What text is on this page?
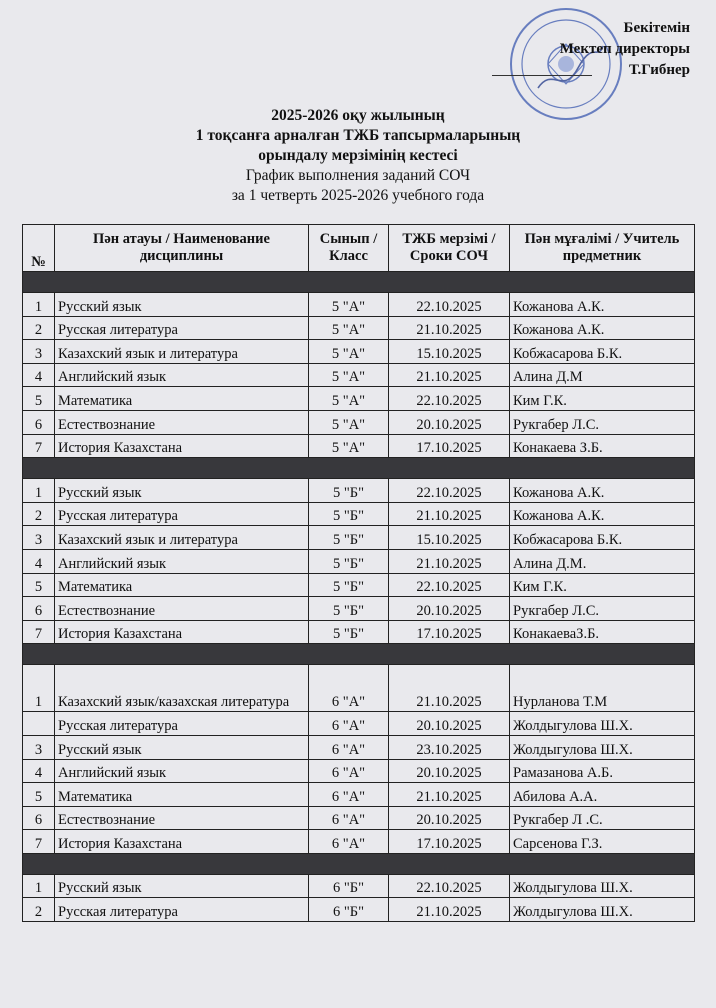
Бекітемін
Мектеп директоры
Т.Гибнер
2025-2026 оқу жылының
1 тоқсанға арналған ТЖБ тапсырмаларының
орындалу мерзімінің кестесі
График выполнения заданий СОЧ
за 1 четверть 2025-2026 учебного года
№	Пән атауы / Наименование дисциплины	Сынып / Класс	ТЖБ мерзімі / Сроки СОЧ	Пән мұғалімі / Учитель предметник

1	Русский язык	5 "А"	22.10.2025	Кожанова А.К.
2	Русская литература	5 "А"	21.10.2025	Кожанова А.К.
3	Казахский язык и литература	5 "А"	15.10.2025	Кобжасарова Б.К.
4	Английский язык	5 "А"	21.10.2025	Алина Д.М
5	Математика	5 "А"	22.10.2025	Ким Г.К.
6	Естествознание	5 "А"	20.10.2025	Рукгабер Л.С.
7	История Казахстана	5 "А"	17.10.2025	Конакаева З.Б.

1	Русский язык	5 "Б"	22.10.2025	Кожанова А.К.
2	Русская литература	5 "Б"	21.10.2025	Кожанова А.К.
3	Казахский язык и литература	5 "Б"	15.10.2025	Кобжасарова Б.К.
4	Английский язык	5 "Б"	21.10.2025	Алина Д.М.
5	Математика	5 "Б"	22.10.2025	Ким Г.К.
6	Естествознание	5 "Б"	20.10.2025	Рукгабер Л.С.
7	История Казахстана	5 "Б"	17.10.2025	КонакаеваЗ.Б.

1	Казахский язык/казахская литература	6 "А"	21.10.2025	Нурланова Т.М
	Русская литература	6 "А"	20.10.2025	Жолдыгулова Ш.Х.
3	Русский язык	6 "А"	23.10.2025	Жолдыгулова Ш.Х.
4	Английский язык	6 "А"	20.10.2025	Рамазанова А.Б.
5	Математика	6 "А"	21.10.2025	Абилова А.А.
6	Естествознание	6 "А"	20.10.2025	Рукгабер Л .С.
7	История Казахстана	6 "А"	17.10.2025	Сарсенова Г.З.

1	Русский язык	6 "Б"	22.10.2025	Жолдыгулова Ш.Х.
2	Русская литература	6 "Б"	21.10.2025	Жолдыгулова Ш.Х.
